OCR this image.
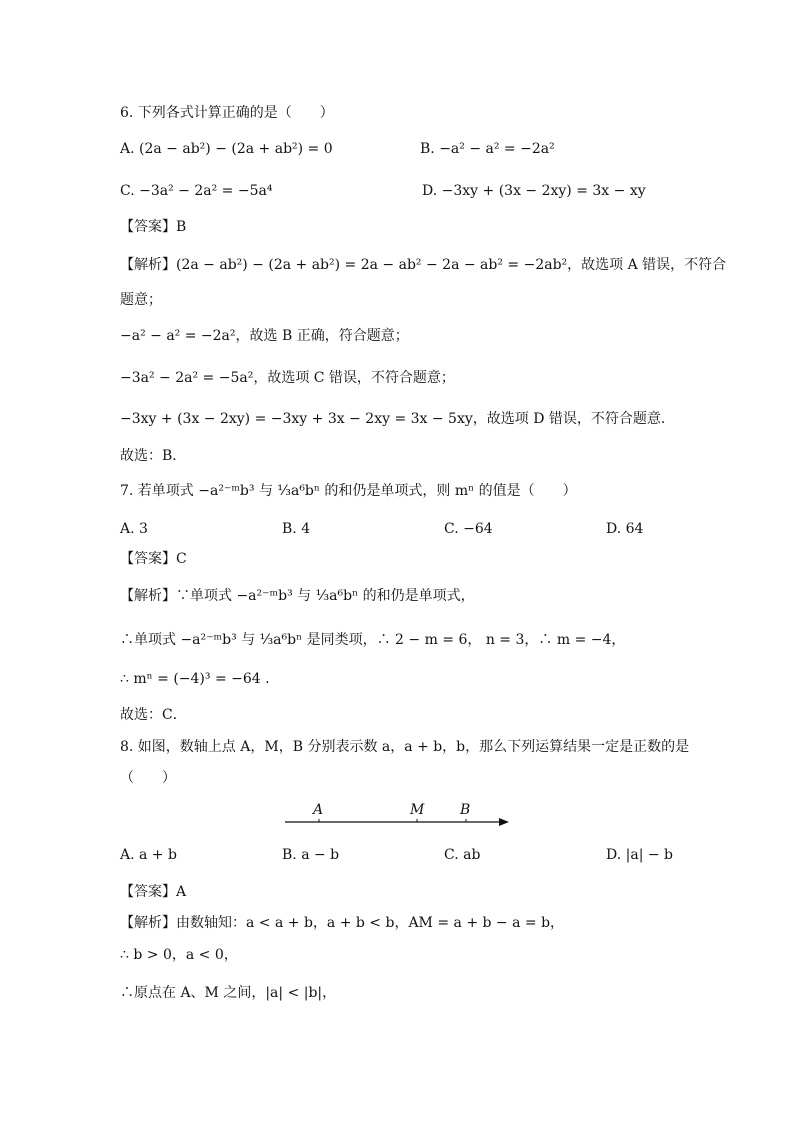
6. 下列各式计算正确的是（　　）
A. (2a − ab²) − (2a + ab²) = 0	B. −a² − a² = −2a²
C. −3a² − 2a² = −5a⁴	D. −3xy + (3x − 2xy) = 3x − xy
【答案】B
【解析】(2a − ab²) − (2a + ab²) = 2a − ab² − 2a − ab² = −2ab²，故选项 A 错误，不符合
题意；
−a² − a² = −2a²，故选 B 正确，符合题意；
−3a² − 2a² = −5a²，故选项 C 错误，不符合题意；
−3xy + (3x − 2xy) = −3xy + 3x − 2xy = 3x − 5xy，故选项 D 错误，不符合题意.
故选：B．
7. 若单项式 −a²⁻ᵐb³ 与 ⅓a⁶bⁿ 的和仍是单项式，则 mⁿ 的值是（　　）
A. 3	B. 4	C. −64	D. 64
【答案】C
【解析】∵单项式 −a²⁻ᵐb³ 与 ⅓a⁶bⁿ 的和仍是单项式，
∴单项式 −a²⁻ᵐb³ 与 ⅓a⁶bⁿ 是同类项，∴ 2 − m = 6， n = 3，∴ m = −4，
∴ mⁿ = (−4)³ = −64 .
故选：C．
8. 如图，数轴上点 A，M，B 分别表示数 a，a + b，b，那么下列运算结果一定是正数的是
（　　）
A	M	B
A. a + b	B. a − b	C. ab	D. |a| − b
【答案】A
【解析】由数轴知：a < a + b，a + b < b，AM = a + b − a = b，
∴ b > 0，a < 0，
∴原点在 A、M 之间，|a| < |b|，
